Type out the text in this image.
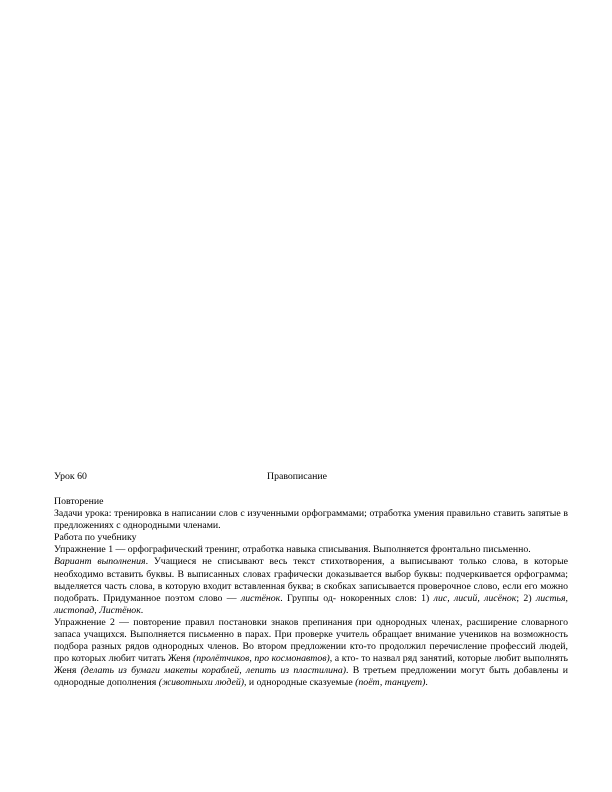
Урок 60	Правописание

Повторение

Задачи урока: тренировка в написании слов с изученными орфограммами; отработка умения правильно ставить запятые в предложениях с однородными членами.

Работа по учебнику

Упражнение 1 — орфографический тренинг, отработка навыка списывания. Выполняется фронтально письменно.

Вариант выполнения. Учащиеся не списывают весь текст стихотворения, а выписывают только слова, в которые необходимо вставить буквы. В выписанных словах графически доказывается выбор буквы: подчеркивается орфограмма; выделяется часть слова, в которую входит вставленная буква; в скобках записывается проверочное слово, если его можно подобрать. Придуманное поэтом слово — листёнок. Группы од- нокоренных слов: 1) лис, лисий, лисёнок; 2) листья, листопад, Листёнок.

Упражнение 2 — повторение правил постановки знаков препинания при однородных членах, расширение словарного запаса учащихся. Выполняется письменно в парах. При проверке учитель обращает внимание учеников на возможность подбора разных рядов однородных членов. Во втором предложении кто-то продолжил перечисление профессий людей, про которых любит читать Женя (пролётчиков, про космонавтов), а кто- то назвал ряд занятий, которые любит выполнять Женя (делать из бумаги макеты кораблей, лепить из пластилина). В третьем предложении могут быть добавлены и однородные дополнения (животныхи людей), и однородные сказуемые (поёт, танцует).
